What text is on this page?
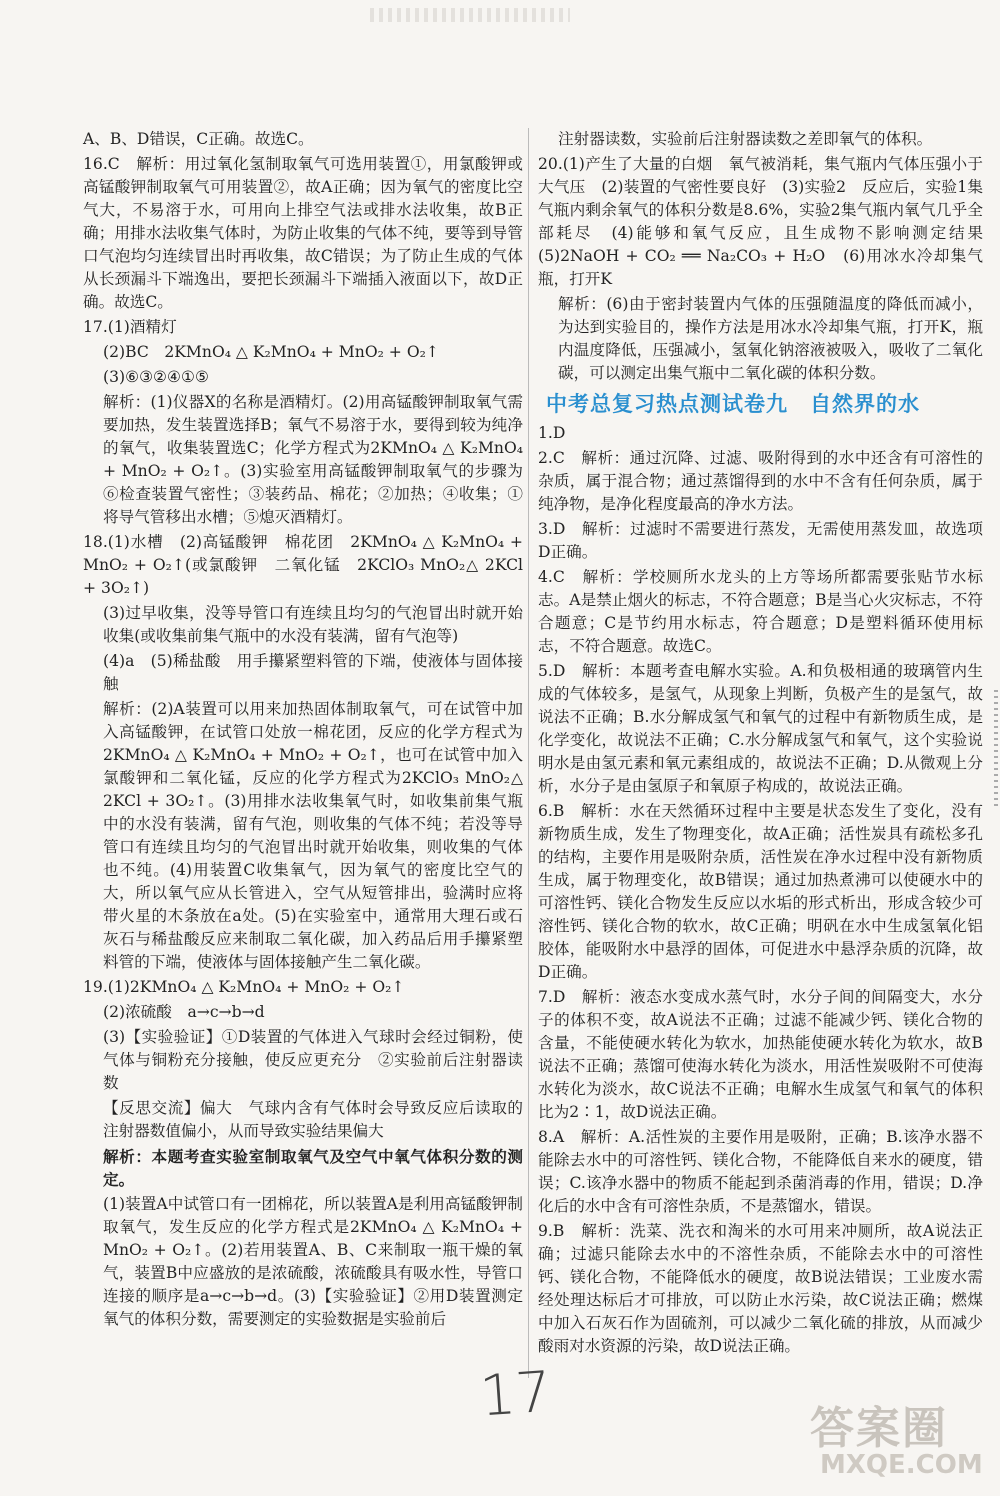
A、B、D错误，C正确。故选C。

16.C　解析：用过氧化氢制取氧气可选用装置①，用氯酸钾或高锰酸钾制取氧气可用装置②，故A正确；因为氧气的密度比空气大，不易溶于水，可用向上排空气法或排水法收集，故B正确；用排水法收集气体时，为防止收集的气体不纯，要等到导管口气泡均匀连续冒出时再收集，故C错误；为了防止生成的气体从长颈漏斗下端逸出，要把长颈漏斗下端插入液面以下，故D正确。故选C。

17.(1)酒精灯

(2)BC　2KMnO₄ △ K₂MnO₄ + MnO₂ + O₂↑

(3)⑥③②④①⑤

解析：(1)仪器X的名称是酒精灯。(2)用高锰酸钾制取氧气需要加热，发生装置选择B；氧气不易溶于水，要得到较为纯净的氧气，收集装置选C；化学方程式为2KMnO₄ △ K₂MnO₄ + MnO₂ + O₂↑。(3)实验室用高锰酸钾制取氧气的步骤为⑥检查装置气密性；③装药品、棉花；②加热；④收集；①将导气管移出水槽；⑤熄灭酒精灯。

18.(1)水槽　(2)高锰酸钾　棉花团　2KMnO₄ △ K₂MnO₄ + MnO₂ + O₂↑(或氯酸钾　二氧化锰　2KClO₃ MnO₂△ 2KCl + 3O₂↑)

(3)过早收集，没等导管口有连续且均匀的气泡冒出时就开始收集(或收集前集气瓶中的水没有装满，留有气泡等)

(4)a　(5)稀盐酸　用手攥紧塑料管的下端，使液体与固体接触

解析：(2)A装置可以用来加热固体制取氧气，可在试管中加入高锰酸钾，在试管口处放一棉花团，反应的化学方程式为2KMnO₄ △ K₂MnO₄ + MnO₂ + O₂↑，也可在试管中加入氯酸钾和二氧化锰，反应的化学方程式为2KClO₃ MnO₂△ 2KCl + 3O₂↑。(3)用排水法收集氧气时，如收集前集气瓶中的水没有装满，留有气泡，则收集的气体不纯；若没等导管口有连续且均匀的气泡冒出时就开始收集，则收集的气体也不纯。(4)用装置C收集氧气，因为氧气的密度比空气的大，所以氧气应从长管进入，空气从短管排出，验满时应将带火星的木条放在a处。(5)在实验室中，通常用大理石或石灰石与稀盐酸反应来制取二氧化碳，加入药品后用手攥紧塑料管的下端，使液体与固体接触产生二氧化碳。

19.(1)2KMnO₄ △ K₂MnO₄ + MnO₂ + O₂↑

(2)浓硫酸　a→c→b→d

(3)【实验验证】①D装置的气体进入气球时会经过铜粉，使气体与铜粉充分接触，使反应更充分　②实验前后注射器读数

【反思交流】偏大　气球内含有气体时会导致反应后读取的注射器数值偏小，从而导致实验结果偏大

解析：本题考查实验室制取氧气及空气中氧气体积分数的测定。

(1)装置A中试管口有一团棉花，所以装置A是利用高锰酸钾制取氧气，发生反应的化学方程式是2KMnO₄ △ K₂MnO₄ + MnO₂ + O₂↑。(2)若用装置A、B、C来制取一瓶干燥的氧气，装置B中应盛放的是浓硫酸，浓硫酸具有吸水性，导管口连接的顺序是a→c→b→d。(3)【实验验证】②用D装置测定氧气的体积分数，需要测定的实验数据是实验前后

注射器读数，实验前后注射器读数之差即氧气的体积。

20.(1)产生了大量的白烟　氧气被消耗，集气瓶内气体压强小于大气压　(2)装置的气密性要良好　(3)实验2　反应后，实验1集气瓶内剩余氧气的体积分数是8.6%，实验2集气瓶内氧气几乎全部耗尽　(4)能够和氧气反应，且生成物不影响测定结果　(5)2NaOH + CO₂ ══ Na₂CO₃ + H₂O　(6)用冰水冷却集气瓶，打开K

解析：(6)由于密封装置内气体的压强随温度的降低而减小，为达到实验目的，操作方法是用冰水冷却集气瓶，打开K，瓶内温度降低，压强减小，氢氧化钠溶液被吸入，吸收了二氧化碳，可以测定出集气瓶中二氧化碳的体积分数。

中考总复习热点测试卷九　自然界的水

1.D

2.C　解析：通过沉降、过滤、吸附得到的水中还含有可溶性的杂质，属于混合物；通过蒸馏得到的水中不含有任何杂质，属于纯净物，是净化程度最高的净水方法。

3.D　解析：过滤时不需要进行蒸发，无需使用蒸发皿，故选项D正确。

4.C　解析：学校厕所水龙头的上方等场所都需要张贴节水标志。A是禁止烟火的标志，不符合题意；B是当心火灾标志，不符合题意；C是节约用水标志，符合题意；D是塑料循环使用标志，不符合题意。故选C。

5.D　解析：本题考查电解水实验。A.和负极相通的玻璃管内生成的气体较多，是氢气，从现象上判断，负极产生的是氢气，故说法不正确；B.水分解成氢气和氧气的过程中有新物质生成，是化学变化，故说法不正确；C.水分解成氢气和氧气，这个实验说明水是由氢元素和氧元素组成的，故说法不正确；D.从微观上分析，水分子是由氢原子和氧原子构成的，故说法正确。

6.B　解析：水在天然循环过程中主要是状态发生了变化，没有新物质生成，发生了物理变化，故A正确；活性炭具有疏松多孔的结构，主要作用是吸附杂质，活性炭在净水过程中没有新物质生成，属于物理变化，故B错误；通过加热煮沸可以使硬水中的可溶性钙、镁化合物发生反应以水垢的形式析出，形成含较少可溶性钙、镁化合物的软水，故C正确；明矾在水中生成氢氧化铝胶体，能吸附水中悬浮的固体，可促进水中悬浮杂质的沉降，故D正确。

7.D　解析：液态水变成水蒸气时，水分子间的间隔变大，水分子的体积不变，故A说法不正确；过滤不能减少钙、镁化合物的含量，不能使硬水转化为软水，加热能使硬水转化为软水，故B说法不正确；蒸馏可使海水转化为淡水，用活性炭吸附不可使海水转化为淡水，故C说法不正确；电解水生成氢气和氧气的体积比为2∶1，故D说法正确。

8.A　解析：A.活性炭的主要作用是吸附，正确；B.该净水器不能除去水中的可溶性钙、镁化合物，不能降低自来水的硬度，错误；C.该净水器中的物质不能起到杀菌消毒的作用，错误；D.净化后的水中含有可溶性杂质，不是蒸馏水，错误。

9.B　解析：洗菜、洗衣和淘米的水可用来冲厕所，故A说法正确；过滤只能除去水中的不溶性杂质，不能除去水中的可溶性钙、镁化合物，不能降低水的硬度，故B说法错误；工业废水需经处理达标后才可排放，可以防止水污染，故C说法正确；燃煤中加入石灰石作为固硫剂，可以减少二氧化硫的排放，从而减少酸雨对水资源的污染，故D说法正确。

17	答案圈
MXQE.COM
